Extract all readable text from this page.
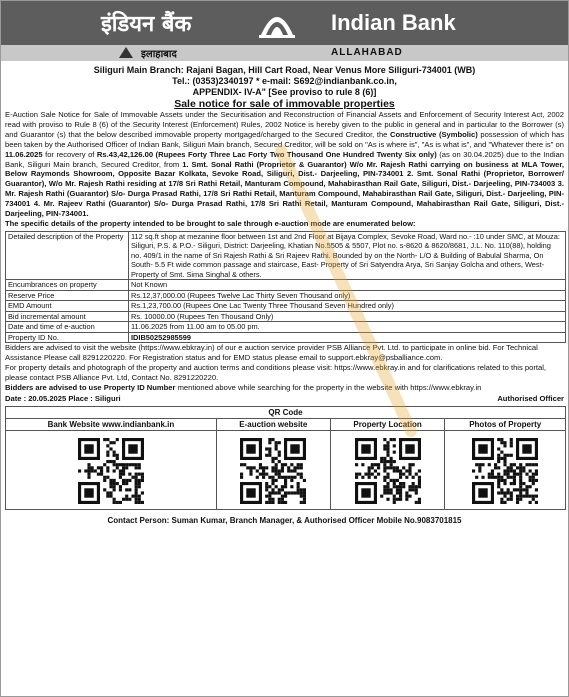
इंडियन बैंक	Indian Bank
इलाहाबाद	ALLAHABAD
Siliguri Main Branch: Rajani Bagan, Hill Cart Road, Near Venus More Siliguri-734001 (WB)
Tel.: (0353)2340197 * e-mail: S692@indianbank.co.in,
APPENDIX- IV-A" [See proviso to rule 8 (6)]
Sale notice for sale of immovable properties
E-Auction Sale Notice for Sale of Immovable Assets under the Securitisation and Reconstruction of Financial Assets and Enforcement of Security Interest Act, 2002 read with proviso to Rule 8 (6) of the Security Interest (Enforcement) Rules, 2002 Notice is hereby given to the public in general and in particular to the Borrower (s) and Guarantor (s) that the below described immovable property mortgaged/charged to the Secured Creditor, the Constructive (Symbolic) possession of which has been taken by the Authorised Officer of Indian Bank, Siliguri Main branch, Secured Creditor, will be sold on "As is where is", "As is what is", and "Whatever there is" on 11.06.2025 for recovery of Rs.43,42,126.00 (Rupees Forty Three Lac Forty Two Thousand One Hundred Twenty Six only) (as on 30.04.2025) due to the Indian Bank, Siliguri Main branch, Secured Creditor, from 1. Smt. Sonal Rathi (Proprietor & Guarantor) W/o Mr. Rajesh Rathi carrying on business at MLA Tower, Below Raymonds Showroom, Opposite Bazar Kolkata, Sevoke Road, Siliguri, Dist.- Darjeeling, PIN-734001 2. Smt. Sonal Rathi (Proprietor, Borrower/ Guarantor), W/o Mr. Rajesh Rathi residing at 17/8 Sri Rathi Retail, Manturam Compound, Mahabirasthan Rail Gate, Siliguri, Dist.- Darjeeling, PIN-734003 3. Mr. Rajesh Rathi (Guarantor) S/o- Durga Prasad Rathi, 17/8 Sri Rathi Retail, Manturam Compound, Mahabirasthan Rail Gate, Siliguri, Dist.- Darjeeling, PIN-734001 4. Mr. Rajeev Rathi (Guarantor) S/o- Durga Prasad Rathi, 17/8 Sri Rathi Retail, Manturam Compound, Mahabirasthan Rail Gate, Siliguri, Dist.- Darjeeling, PIN-734001.
The specific details of the property intended to be brought to sale through e-auction mode are enumerated below:
Detailed description of the Property	112 sq.ft shop at mezanine floor between 1st and 2nd Floor at Bijaya Complex, Sevoke Road, Ward no.- :10 under SMC, at Mouza: Siliguri, P.S. & P.O.- Siliguri, District: Darjeeling, Khatian No.5505 & 5507, Plot no. s-8620 & 8620/8681, J.L. No. 110(88), holding no. 409/1 in the name of Sri Rajesh Rathi & Sri Rajeev Rathi. Bounded by on the North- L/O & Building of Babulal Sharma, On South- 5.5 Ft wide common passage and staircase, East- Property of Sri Satyendra Arya, Sri Sanjay Golcha and others, West- Property of Smt. Sima Singhal & others.
Encumbrances on property	Not Known
Reserve Price	Rs.12,37,000.00 (Rupees Twelve Lac Thirty Seven Thousand only)
EMD Amount	Rs.1,23,700.00 (Rupees One Lac Twenty Three Thousand Seven Hundred only)
Bid incremental amount	Rs. 10000.00 (Rupees Ten Thousand Only)
Date and time of e-auction	11.06.2025 from 11.00 am to 05.00 pm.
Property ID No.	IDIB50252985599
Bidders are advised to visit the website (https://www.ebkray.in) of our e auction service provider PSB Alliance Pvt. Ltd. to participate in online bid. For Technical Assistance Please call 8291220220. For Registration status and for EMD status please email to support.ebkray@psballiance.com.
For property details and photograph of the property and auction terms and conditions please visit: https://www.ebkray.in and for clarifications related to this portal, please contact PSB Alliance Pvt. Ltd, Contact No. 8291220220.
Bidders are advised to use Property ID Number mentioned above while searching for the property in the website with https://www.ebkray.in
Date : 20.05.2025 Place : Siliguri	Authorised Officer
QR Code			
Bank Website www.indianbank.in	E-auction website	Property Location	Photos of Property

Contact Person: Suman Kumar, Branch Manager, & Authorised Officer Mobile No.9083701815
